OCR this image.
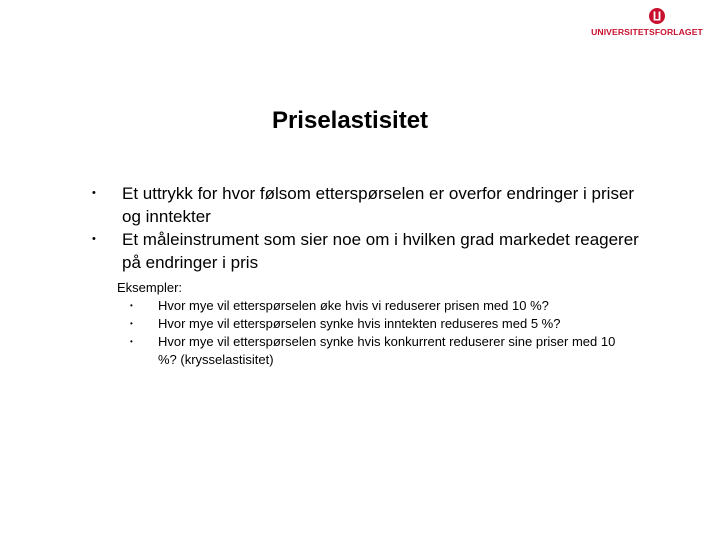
UNIVERSITETSFORLAGET
Priselastisitet
• Et uttrykk for hvor følsom etterspørselen er overfor endringer i priser og inntekter
• Et måleinstrument som sier noe om i hvilken grad markedet reagerer på endringer i pris
Eksempler:
• Hvor mye vil etterspørselen øke hvis vi reduserer prisen med 10 %?
• Hvor mye vil etterspørselen synke hvis inntekten reduseres med 5 %?
• Hvor mye vil etterspørselen synke hvis konkurrent reduserer sine priser med 10 %? (krysselastisitet)
